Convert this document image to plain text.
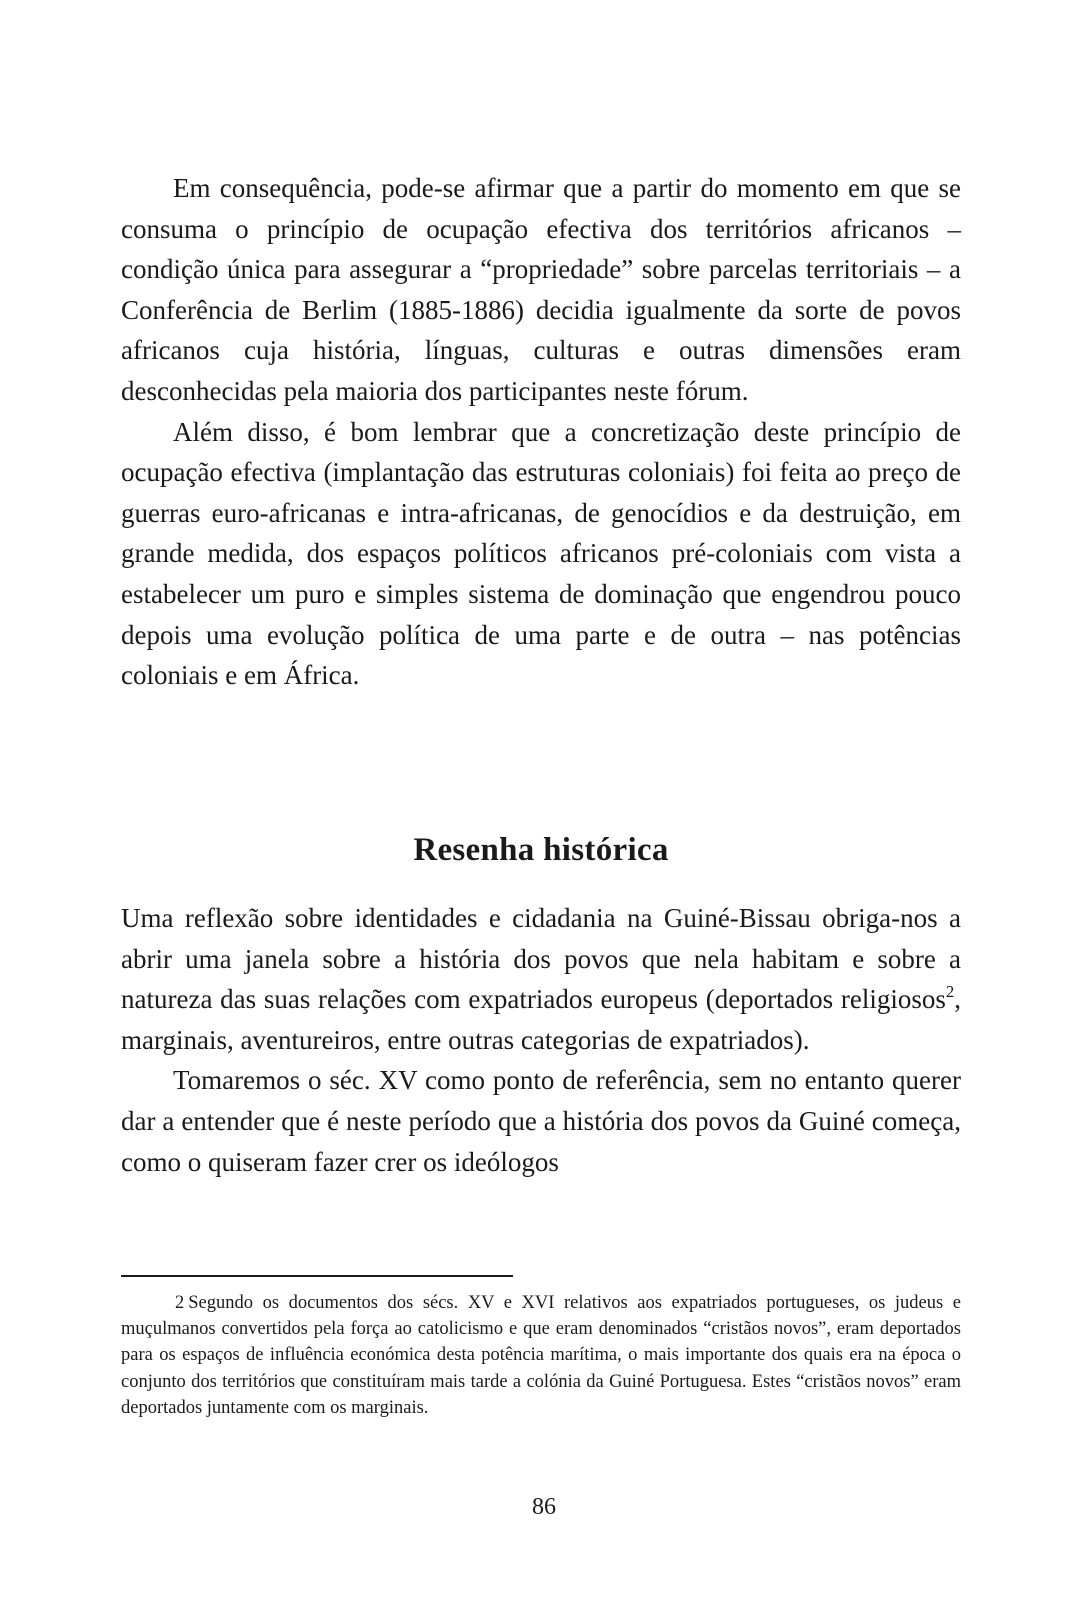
Em consequência, pode-se afirmar que a partir do momento em que se consuma o princípio de ocupação efectiva dos territórios africanos – condição única para assegurar a “propriedade” sobre parcelas territoriais – a Conferência de Berlim (1885-1886) decidia igualmente da sorte de povos africanos cuja história, línguas, culturas e outras dimensões eram desconhecidas pela maioria dos participantes neste fórum.

Além disso, é bom lembrar que a concretização deste princípio de ocupação efectiva (implantação das estruturas coloniais) foi feita ao preço de guerras euro-africanas e intra-africanas, de genocídios e da destruição, em grande medida, dos espaços políticos africanos pré-coloniais com vista a estabelecer um puro e simples sistema de dominação que engendrou pouco depois uma evolução política de uma parte e de outra – nas potências coloniais e em África.

Resenha histórica

Uma reflexão sobre identidades e cidadania na Guiné-Bissau obriga-nos a abrir uma janela sobre a história dos povos que nela habitam e sobre a natureza das suas relações com expatriados europeus (deportados religiosos$^2$, marginais, aventureiros, entre outras categorias de expatriados).

Tomaremos o séc. XV como ponto de referência, sem no entanto querer dar a entender que é neste período que a história dos povos da Guiné começa, como o quiseram fazer crer os ideólogos

2 Segundo os documentos dos sécs. XV e XVI relativos aos expatriados portugueses, os judeus e muçulmanos convertidos pela força ao catolicismo e que eram denominados “cristãos novos”, eram deportados para os espaços de influência económica desta potência marítima, o mais importante dos quais era na época o conjunto dos territórios que constituíram mais tarde a colónia da Guiné Portuguesa. Estes “cristãos novos” eram deportados juntamente com os marginais.

86
